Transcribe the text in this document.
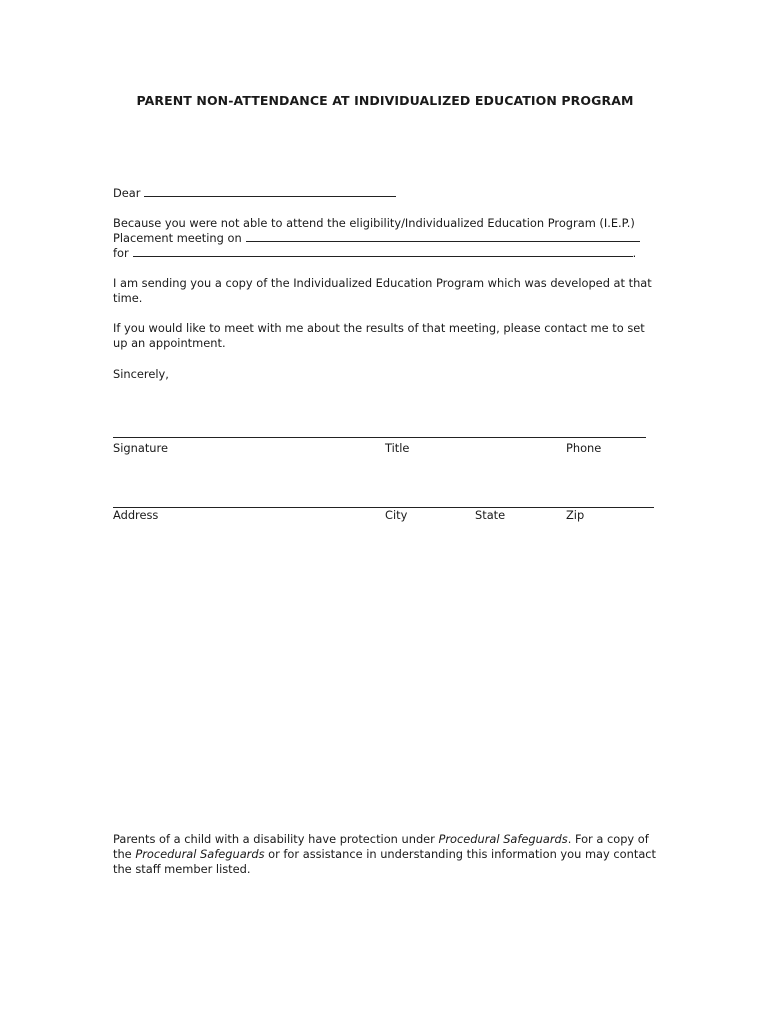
PARENT NON-ATTENDANCE AT INDIVIDUALIZED EDUCATION PROGRAM
Dear
Because you were not able to attend the eligibility/Individualized Education Program (I.E.P.)
Placement meeting on
for	.
I am sending you a copy of the Individualized Education Program which was developed at that
time.
If you would like to meet with me about the results of that meeting, please contact me to set
up an appointment.
Sincerely,
Signature	Title	Phone
Address	City	State	Zip
Parents of a child with a disability have protection under Procedural Safeguards. For a copy of the Procedural Safeguards or for assistance in understanding this information you may contact the staff member listed.
